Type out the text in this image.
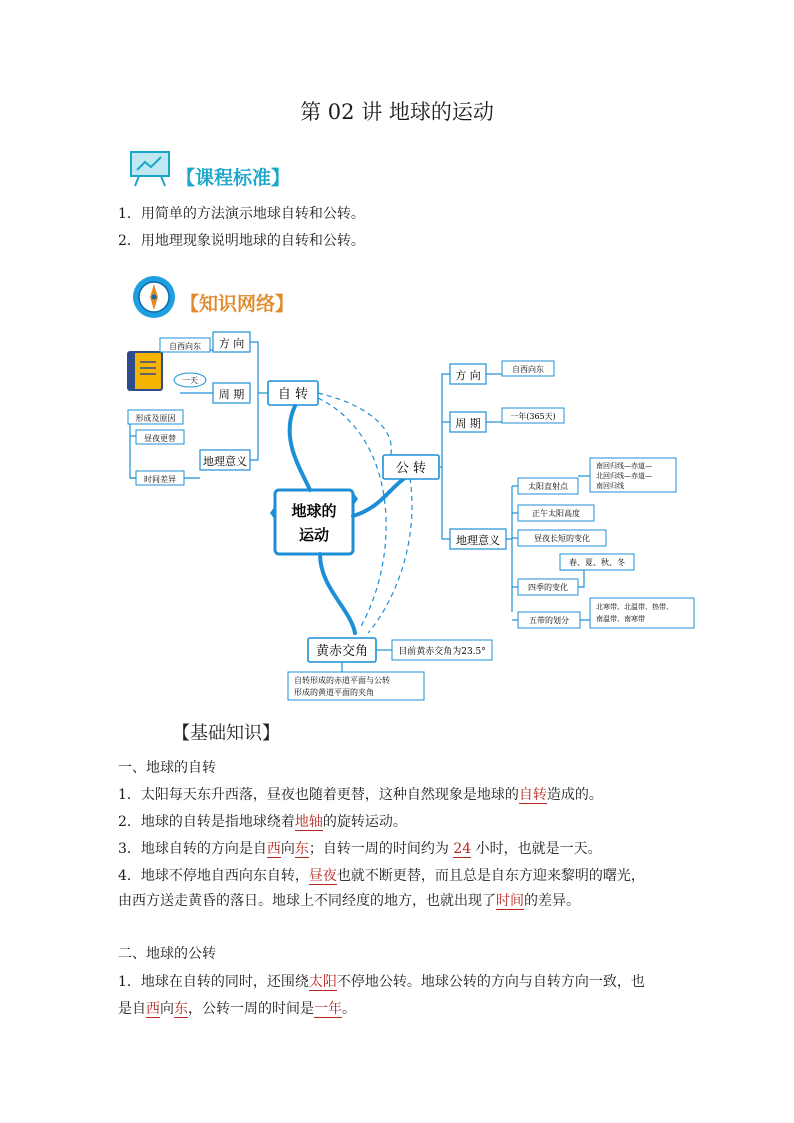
第 02 讲 地球的运动
【课程标准】
1．用简单的方法演示地球自转和公转。
2．用地理现象说明地球的自转和公转。
【知识网络】
方 向
自西向东
周 期
一天
地理意义
形成及原因
昼夜更替
时间差异
自 转
地球的
运动
公 转
方 向	自西向东
周 期
一年(365天)
地理意义
太阳直射点
南回归线—赤道—
北回归线—赤道—
南回归线
正午太阳高度
昼夜长短的变化
春、夏、秋、冬
四季的变化
五带的划分
北寒带、北温带、热带、
南温带、南寒带
黄赤交角	目前黄赤交角为23.5°
自转形成的赤道平面与公转
形成的黄道平面的夹角
【基础知识】
一、地球的自转
1．太阳每天东升西落，昼夜也随着更替，这种自然现象是地球的自转造成的。
2．地球的自转是指地球绕着地轴的旋转运动。
3．地球自转的方向是自西向东；自转一周的时间约为 24 小时，也就是一天。
4．地球不停地自西向东自转，昼夜也就不断更替，而且总是自东方迎来黎明的曙光，
由西方送走黄昏的落日。地球上不同经度的地方，也就出现了时间的差异。
二、地球的公转
1．地球在自转的同时，还围绕太阳不停地公转。地球公转的方向与自转方向一致，也
是自西向东，公转一周的时间是一年。
